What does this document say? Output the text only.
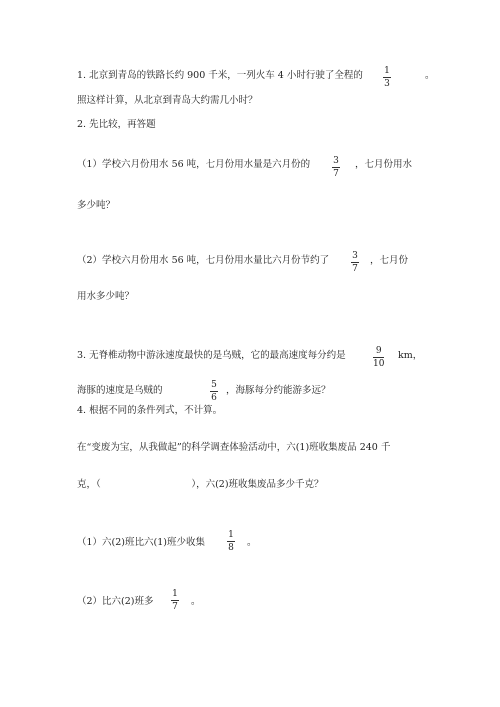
1. 北京到青岛的铁路长约 900 千米，一列火车 4 小时行驶了全程的	1
3
。
照这样计算，从北京到青岛大约需几小时？
2. 先比较，再答题
（1）学校六月份用水 56 吨，七月份用水量是六月份的	3
7
，七月份用水
多少吨？
（2）学校六月份用水 56 吨，七月份用水量比六月份节约了	3
7
，七月份
用水多少吨？
3. 无脊椎动物中游泳速度最快的是乌贼，它的最高速度每分约是	9
10
km，
海豚的速度是乌贼的	5
6
，海豚每分约能游多远？
4. 根据不同的条件列式，不计算。
在“变废为宝，从我做起”的科学调查体验活动中，六(1)班收集废品 240 千
克，（                              ），六(2)班收集废品多少千克？
（1）六(2)班比六(1)班少收集
1
8 。
（2）比六(2)班多
1
7 。
